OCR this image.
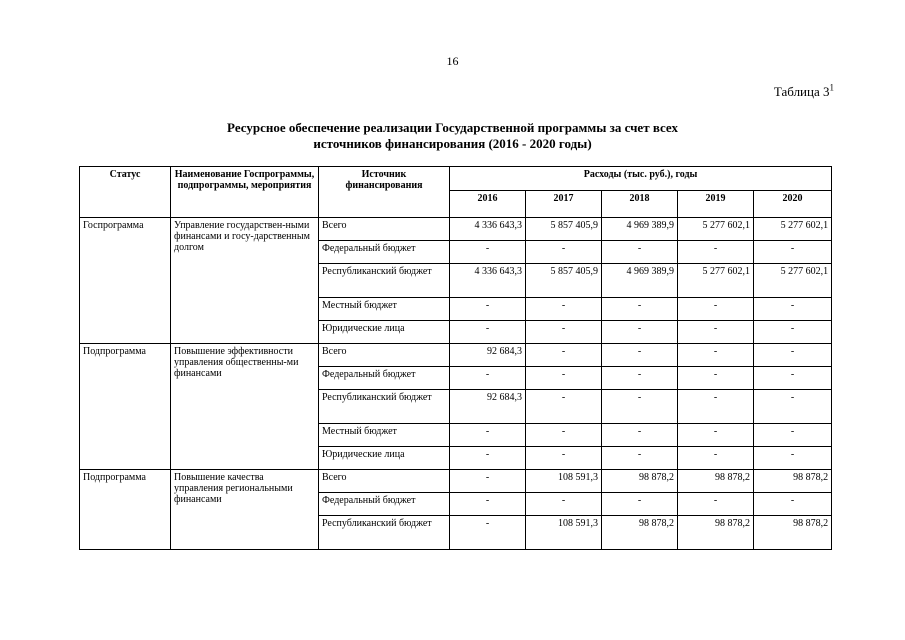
16
Таблица $3^1$
Ресурсное обеспечение реализации Государственной программы за счет всех
источников финансирования (2016 - 2020 годы)
Статус	Наименование Госпрограммы, подпрограммы, мероприятия	Источник финансирования	Расходы (тыс. руб.), годы				
			2016	2017	2018	2019	2020
Госпрограмма	Управление государствен-ными финансами и госу-дарственным долгом	Всего	4 336 643,3	5 857 405,9	4 969 389,9	5 277 602,1	5 277 602,1
		Федеральный бюджет	-	-	-	-	-
		Республиканский бюджет	4 336 643,3	5 857 405,9	4 969 389,9	5 277 602,1	5 277 602,1
		Местный бюджет	-	-	-	-	-
		Юридические лица	-	-	-	-	-
Подпрограмма	Повышение эффективности управления общественны-ми финансами	Всего	92 684,3	-	-	-	-
		Федеральный бюджет	-	-	-	-	-
		Республиканский бюджет	92 684,3	-	-	-	-
		Местный бюджет	-	-	-	-	-
		Юридические лица	-	-	-	-	-
Подпрограмма	Повышение качества управления региональными финансами	Всего	-	108 591,3	98 878,2	98 878,2	98 878,2
		Федеральный бюджет	-	-	-	-	-
		Республиканский бюджет	-	108 591,3	98 878,2	98 878,2	98 878,2
